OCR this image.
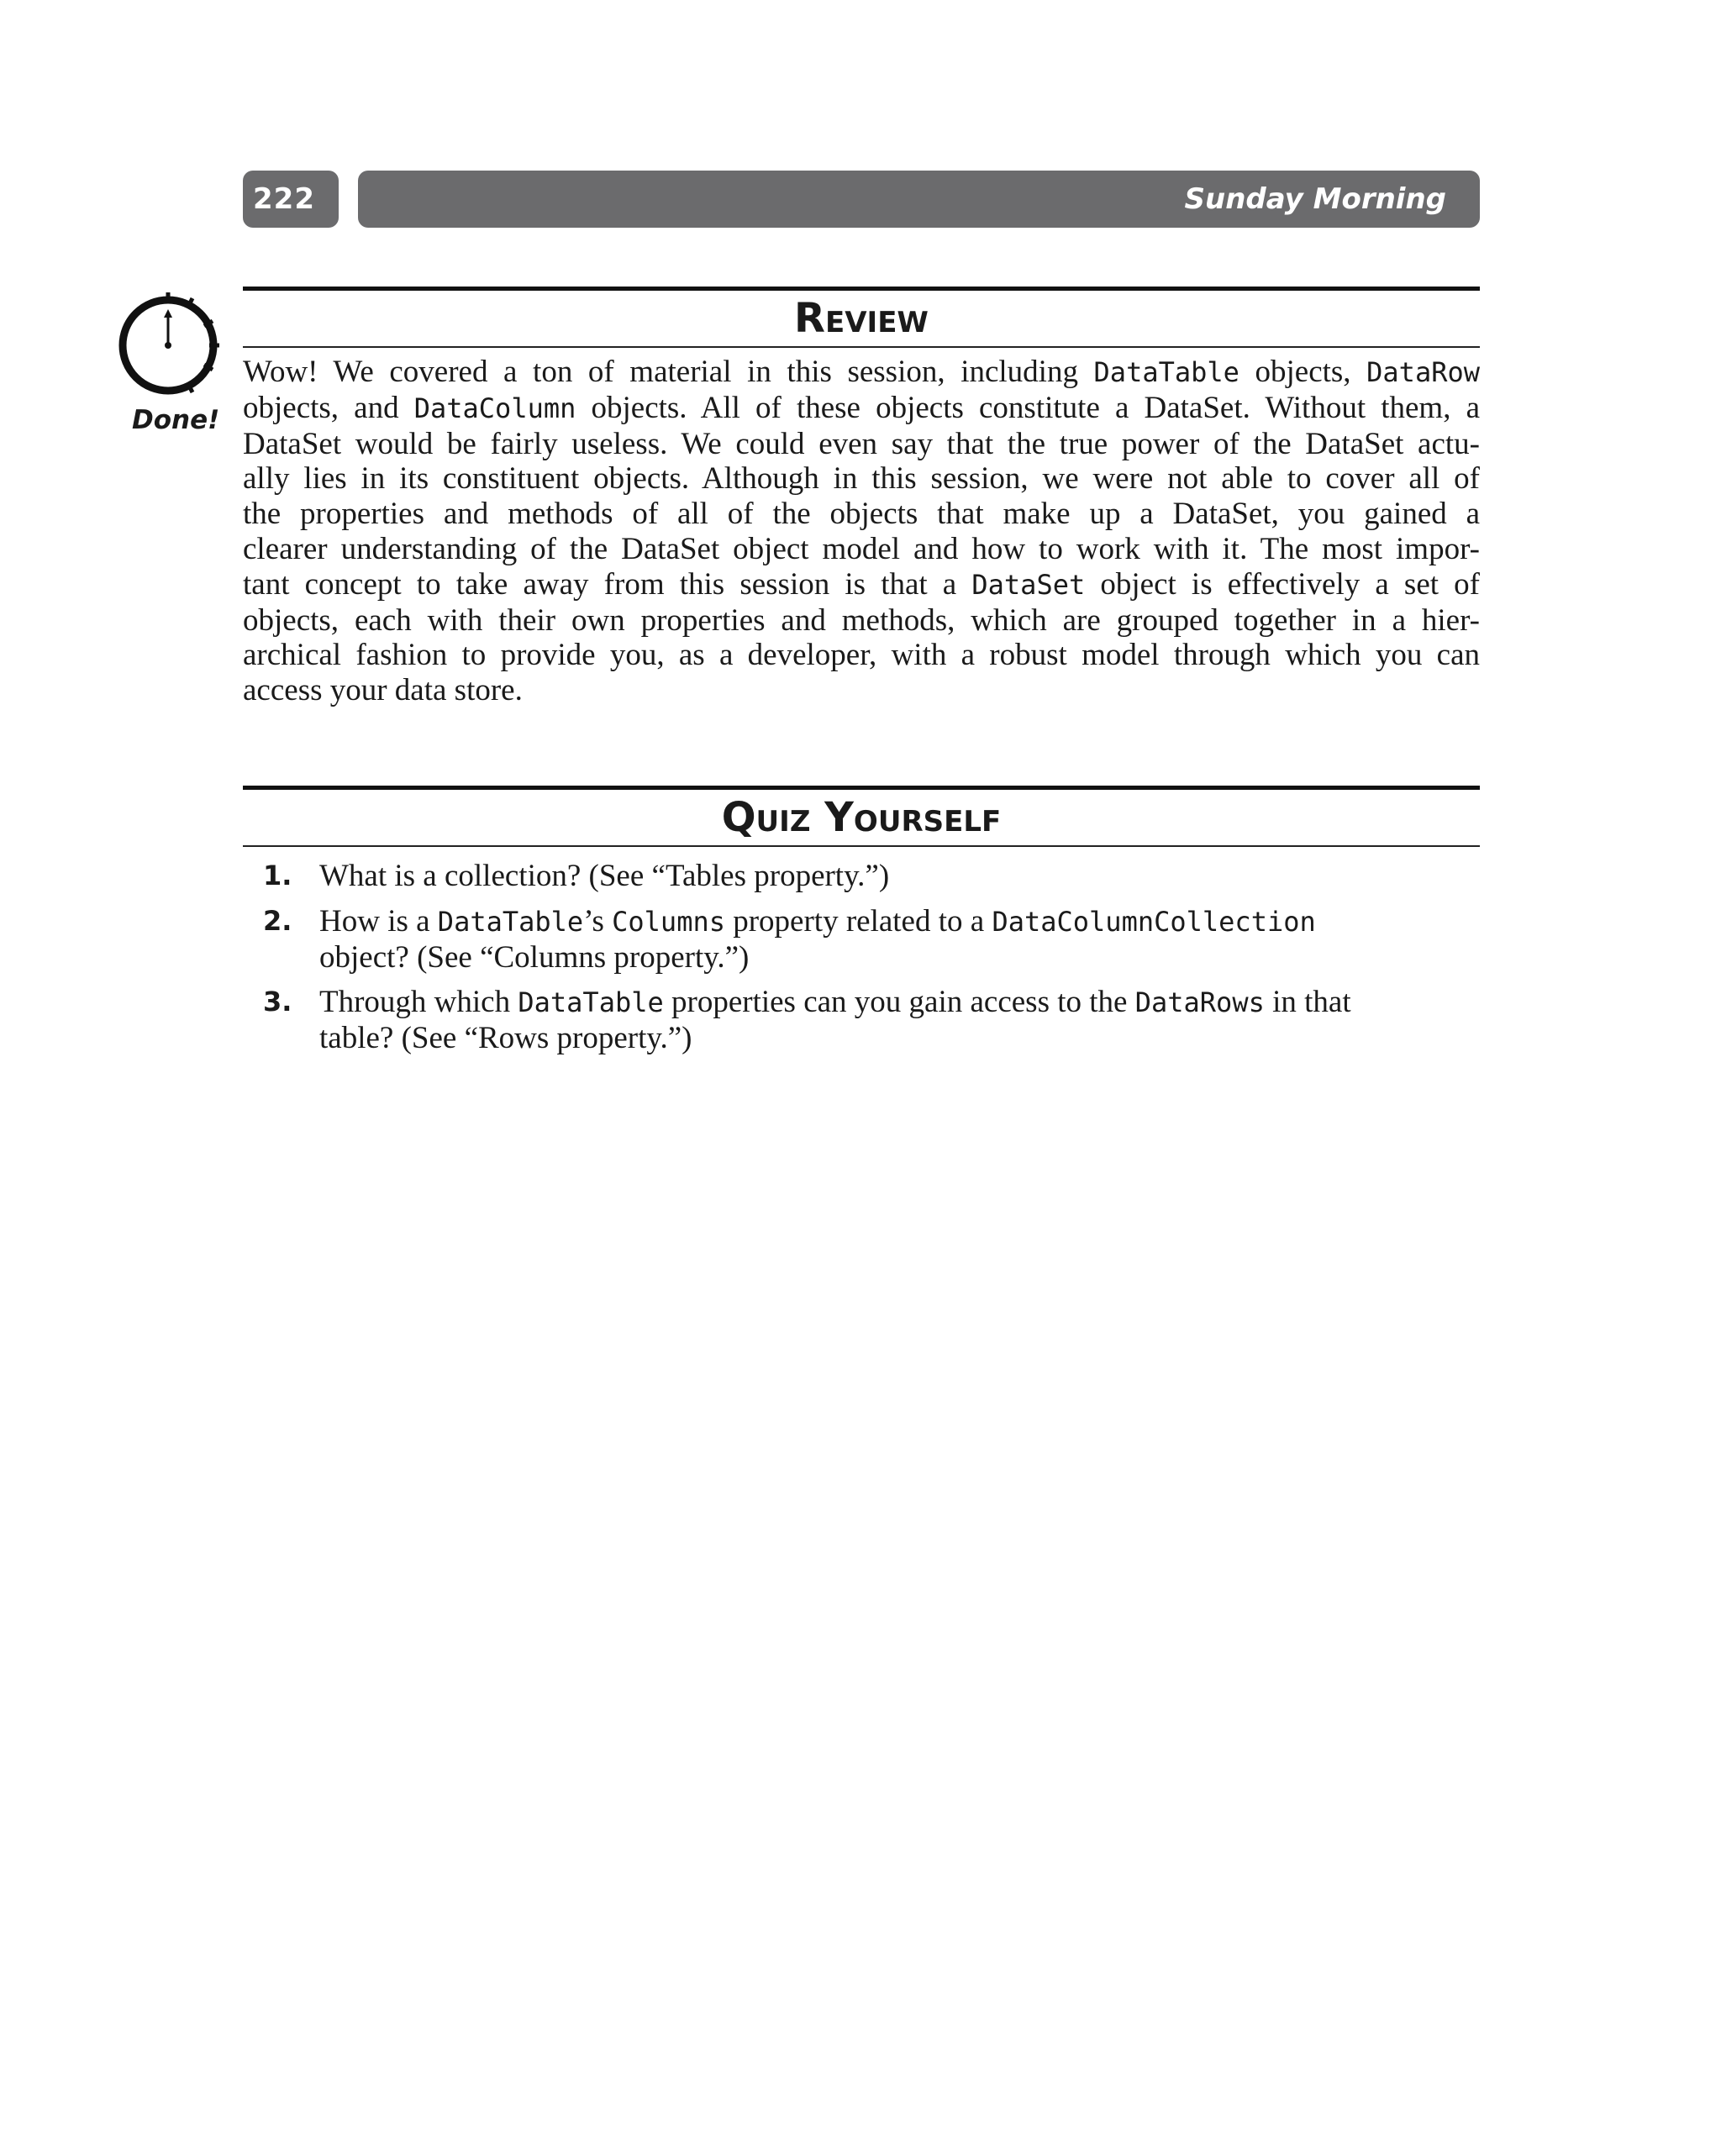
222	Sunday Morning
Done!
Review
Wow! We covered a ton of material in this session, including DataTable objects, DataRow
objects, and DataColumn objects. All of these objects constitute a DataSet. Without them, a
DataSet would be fairly useless. We could even say that the true power of the DataSet actu-
ally lies in its constituent objects. Although in this session, we were not able to cover all of
the properties and methods of all of the objects that make up a DataSet, you gained a
clearer understanding of the DataSet object model and how to work with it. The most impor-
tant concept to take away from this session is that a DataSet object is effectively a set of
objects, each with their own properties and methods, which are grouped together in a hier-
archical fashion to provide you, as a developer, with a robust model through which you can
access your data store.
Quiz Yourself
1. What is a collection? (See “Tables property.”)
2. How is a DataTable’s Columns property related to a DataColumnCollection
object? (See “Columns property.”)
3. Through which DataTable properties can you gain access to the DataRows in that
table? (See “Rows property.”)
